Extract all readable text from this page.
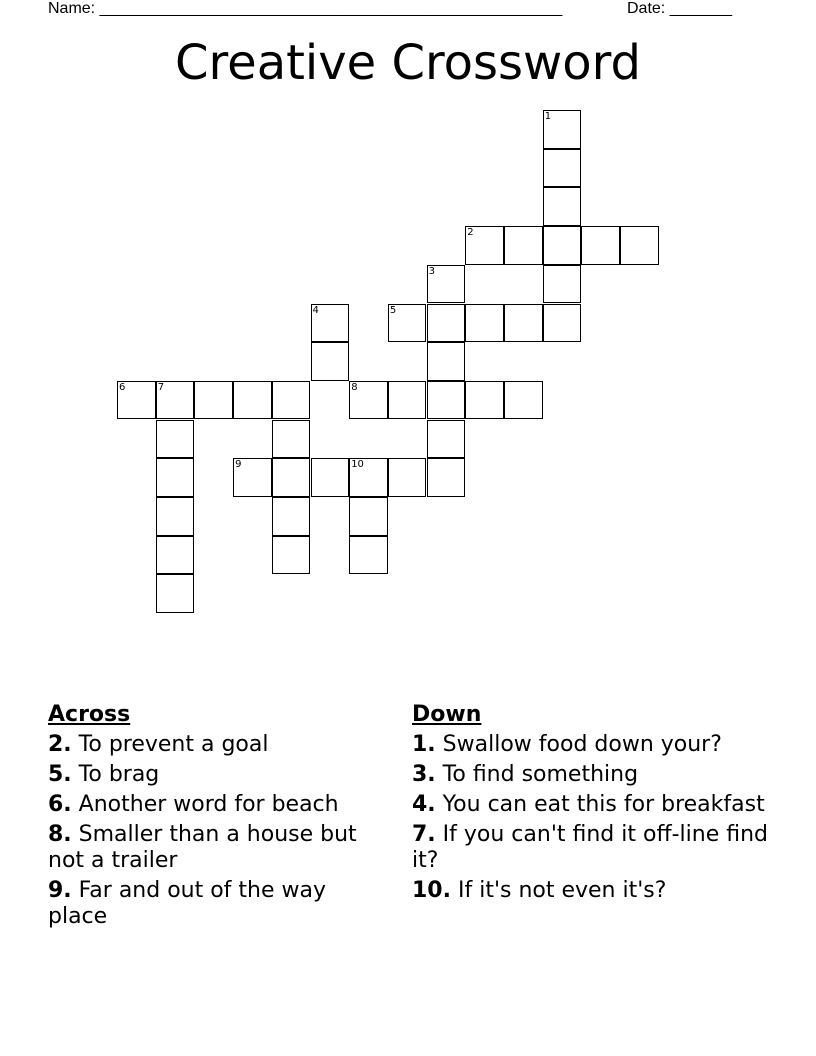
Name: ____________________________________________________	Date: _______
Creative Crossword
1
2
3
4	5
6	7	8
9	10
Across
2. To prevent a goal
5. To brag
6. Another word for beach
8. Smaller than a house but not a trailer
9. Far and out of the way place
Down
1. Swallow food down your?
3. To find something
4. You can eat this for breakfast
7. If you can't find it off-line find it?
10. If it's not even it's?
